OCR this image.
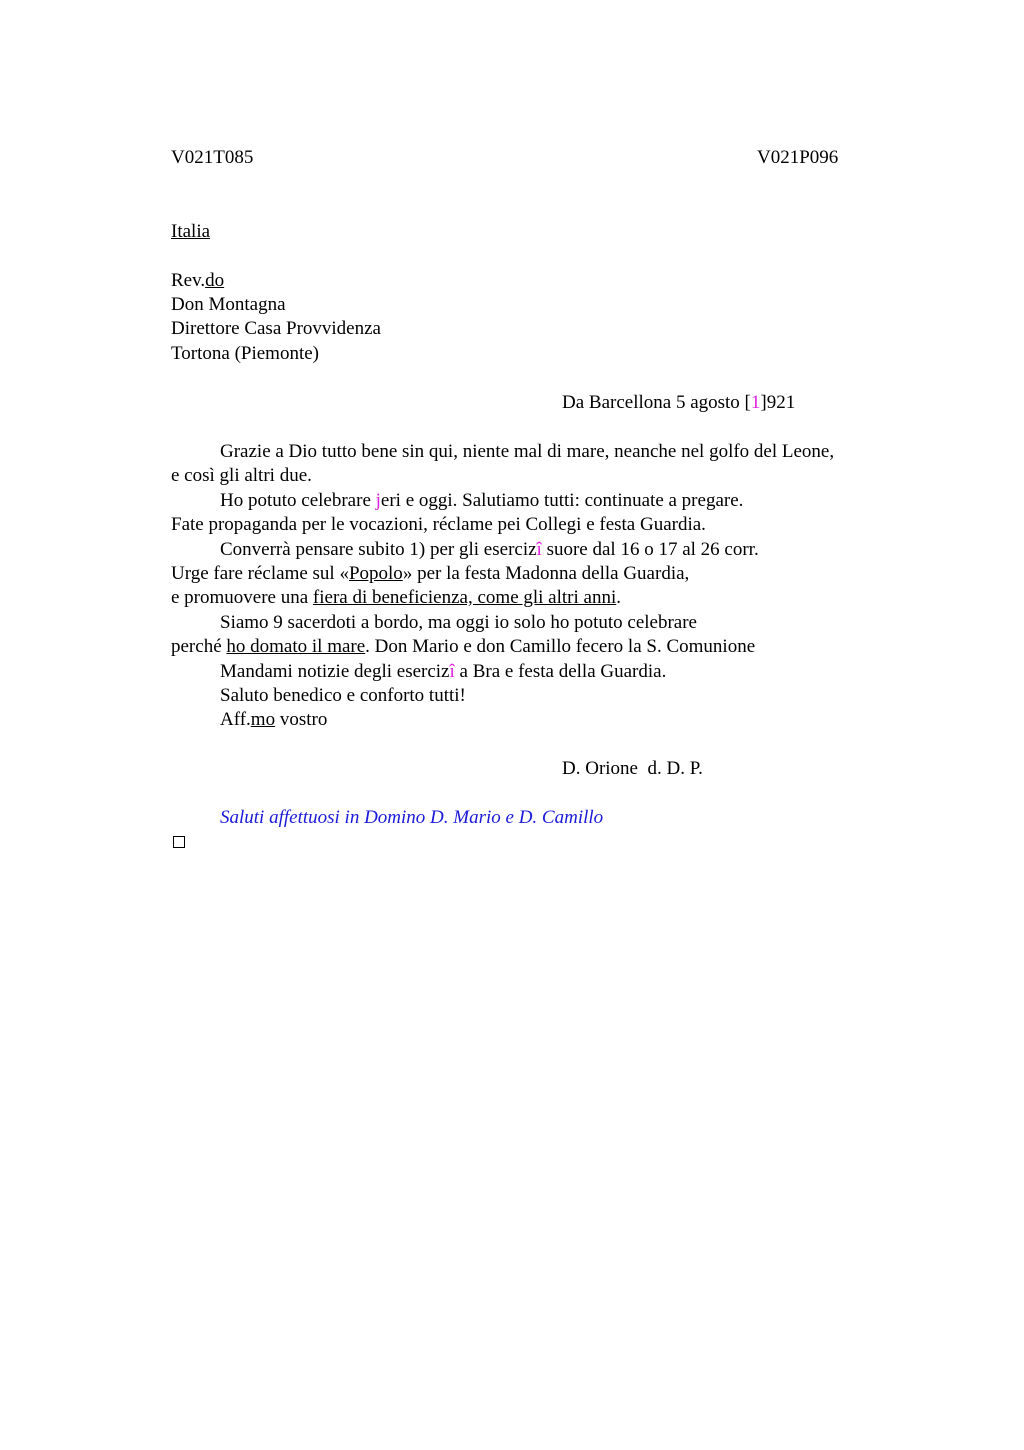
V021T085	V021P096
Italia
Rev.do
Don Montagna
Direttore Casa Provvidenza
Tortona (Piemonte)
Da Barcellona 5 agosto [1]921
Grazie a Dio tutto bene sin qui, niente mal di mare, neanche nel golfo del Leone,
e così gli altri due.
Ho potuto celebrare jeri e oggi. Salutiamo tutti: continuate a pregare.
Fate propaganda per le vocazioni, réclame pei Collegi e festa Guardia.
Converrà pensare subito 1) per gli esercizî suore dal 16 o 17 al 26 corr.
Urge fare réclame sul «Popolo» per la festa Madonna della Guardia,
e promuovere una fiera di beneficienza, come gli altri anni.
Siamo 9 sacerdoti a bordo, ma oggi io solo ho potuto celebrare
perché ho domato il mare. Don Mario e don Camillo fecero la S. Comunione
Mandami notizie degli esercizî a Bra e festa della Guardia.
Saluto benedico e conforto tutti!
Aff.mo vostro
D. Orione  d. D. P.
Saluti affettuosi in Domino D. Mario e D. Camillo
